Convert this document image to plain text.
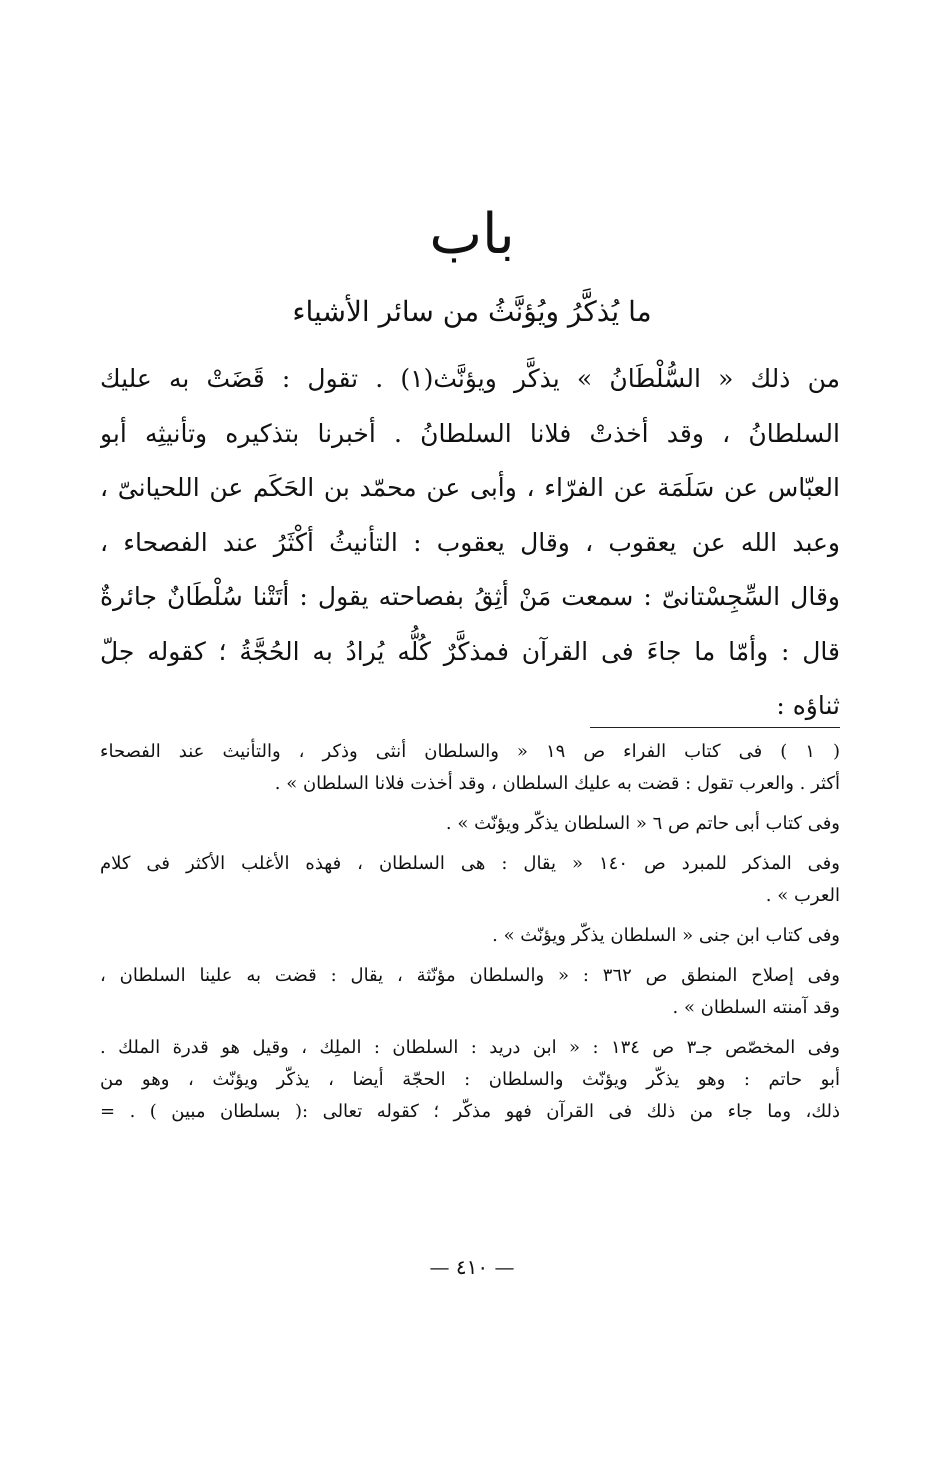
باب
ما يُذكَّرُ ويُؤنَّثُ من سائر الأشياء
من ذلك « السُّلْطَانُ » يذكَّر ويؤنَّث(١) . تقول : قَضَتْ به عليك
السلطانُ ، وقد أخذتْ فلانا السلطانُ . أخبرنا بتذكيره وتأنيثِه أبو
العبّاس عن سَلَمَة عن الفرّاء ، وأبى عن محمّد بن الحَكَم عن اللحيانىّ ،
وعبد الله عن يعقوب ، وقال يعقوب : التأنيثُ أكْثَرُ عند الفصحاء ،
وقال السِّجِسْتانىّ : سمعت مَنْ أثِقُ بفصاحته يقول : أتَتْنا سُلْطَانٌ جائرةٌ
قال : وأمّا ما جاءَ فى القرآن فمذكَّرٌ كُلُّه يُرادُ به الحُجَّةُ ؛ كقوله جلّ
ثناؤه :
( ١ ) فى كتاب الفراء ص ١٩ « والسلطان أنثى وذكر ، والتأنيث عند الفصحاء
أكثر . والعرب تقول : قضت به عليك السلطان ، وقد أخذت فلانا السلطان » .
وفى كتاب أبى حاتم ص ٦ « السلطان يذكّر ويؤنّث » .
وفى المذكر للمبرد ص ١٤٠ « يقال : هى السلطان ، فهذه الأغلب الأكثر فى كلام
العرب » .
وفى كتاب ابن جنى « السلطان يذكّر ويؤنّث » .
وفى إصلاح المنطق ص ٣٦٢ : « والسلطان مؤنّثة ، يقال : قضت به علينا السلطان ،
وقد آمنته السلطان » .
وفى المخصّص جـ٣ ص ١٣٤ : « ابن دريد : السلطان : الملِك ، وقيل هو قدرة الملك .
أبو حاتم : وهو يذكّر ويؤنّث والسلطان : الحجّة أيضا ، يذكّر ويؤنّث ، وهو من
ذلك، وما جاء من ذلك فى القرآن فهو مذكّر ؛ كقوله تعالى :( بسلطان مبين ) . =
— ٤١٠ —
